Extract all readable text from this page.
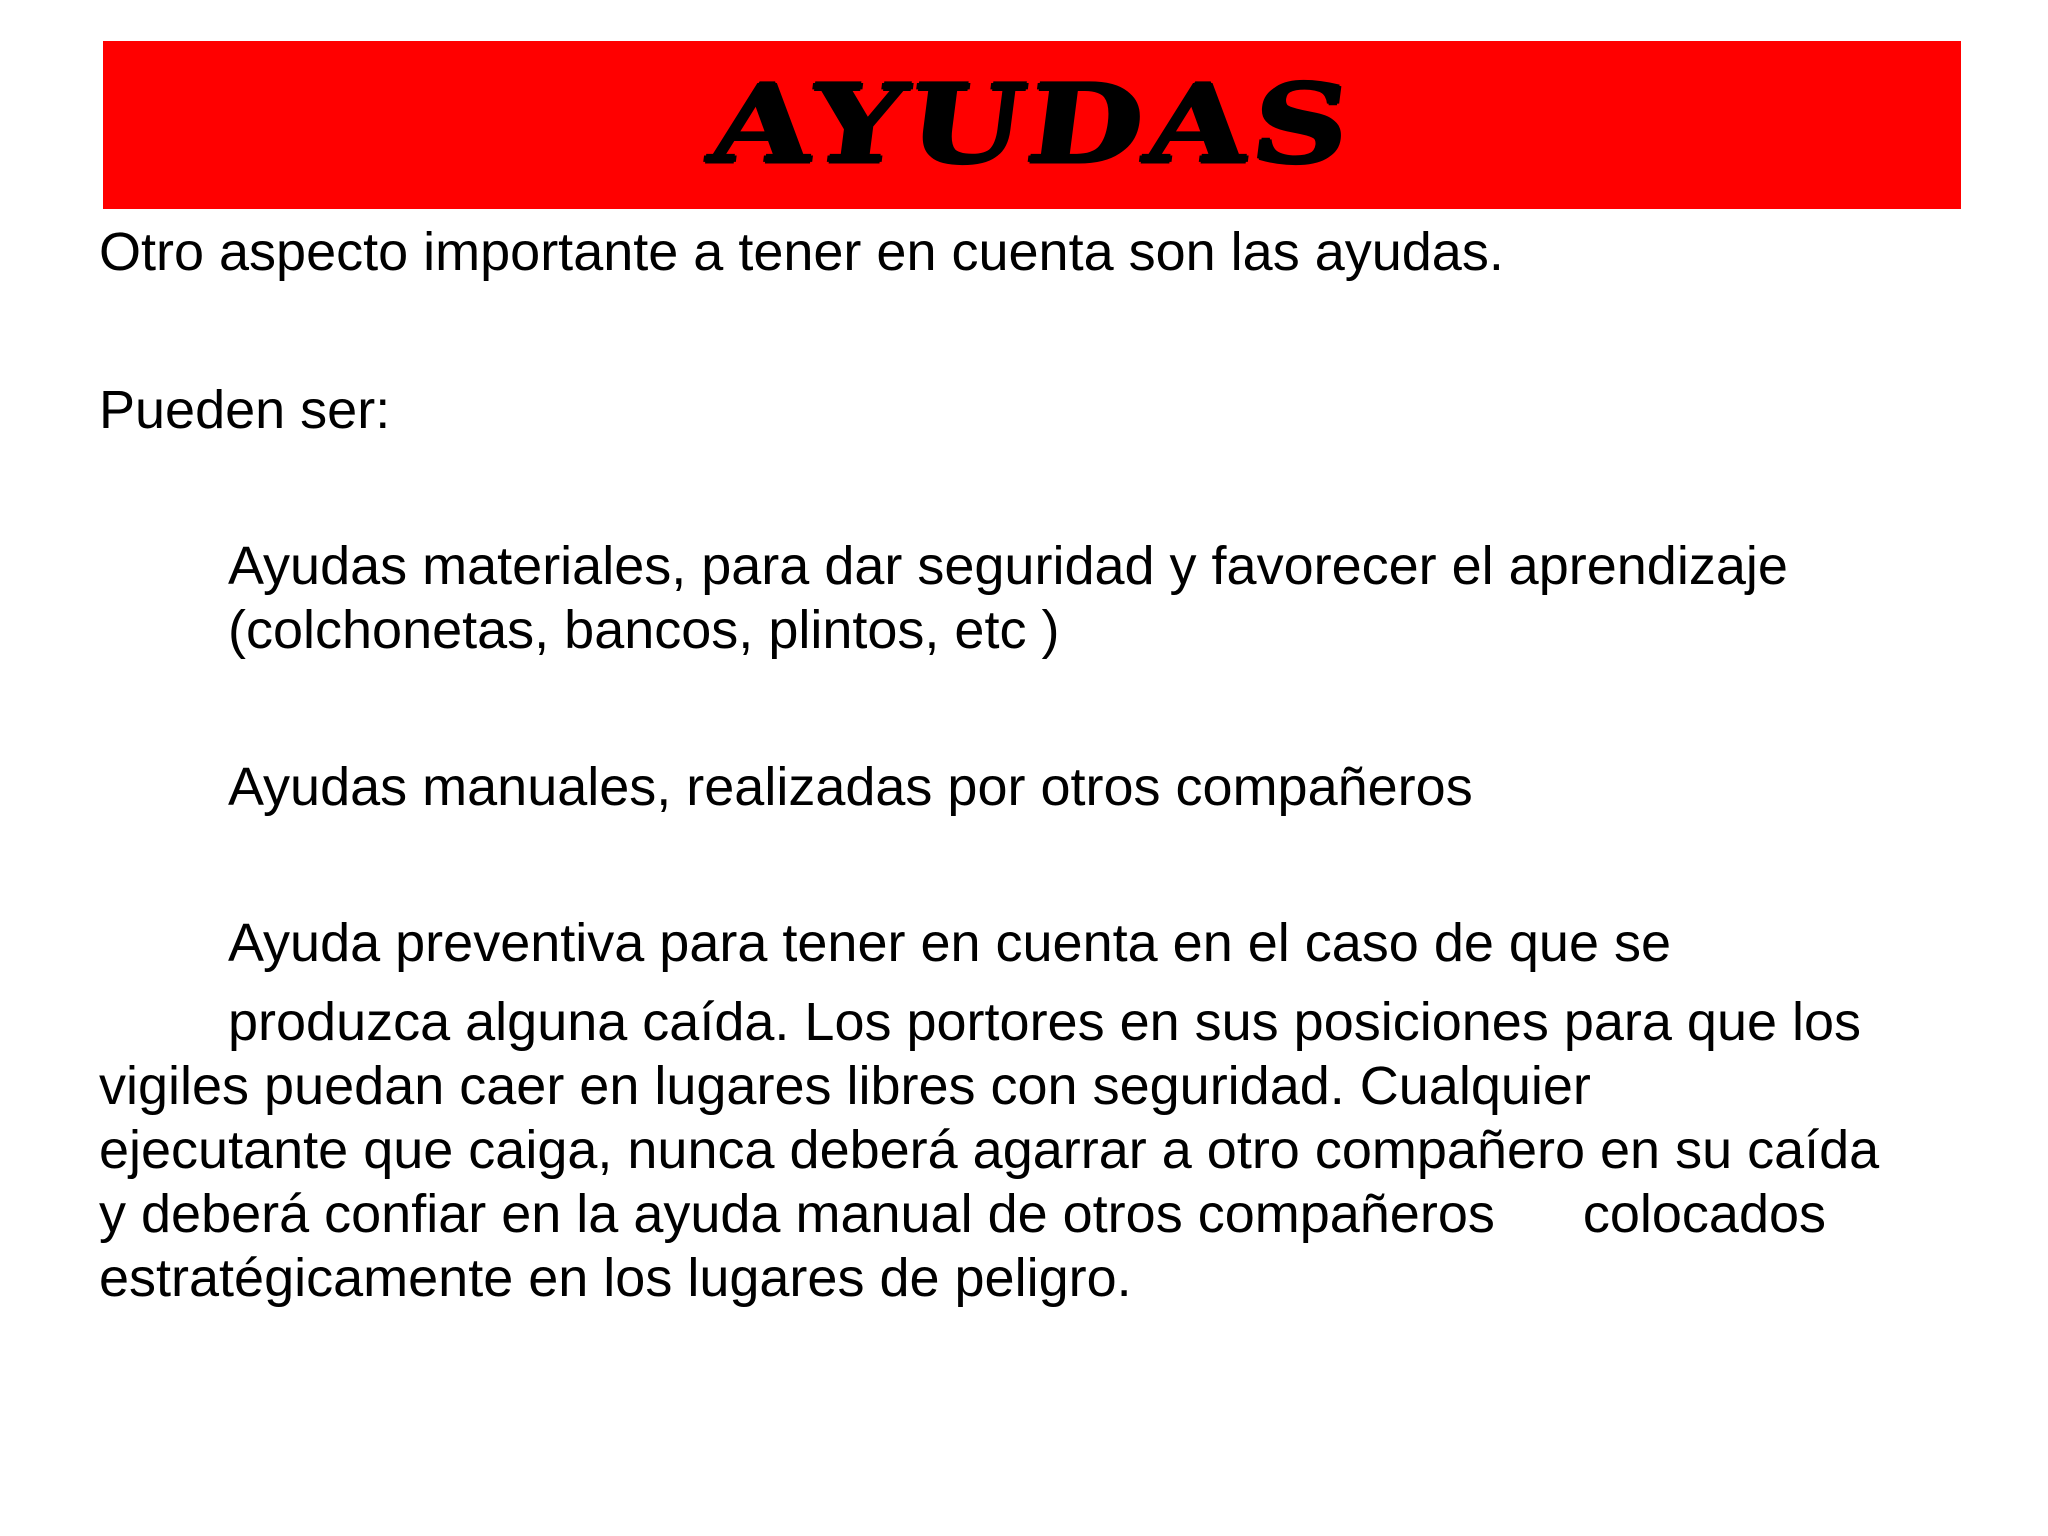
AYUDAS
Otro aspecto importante a tener en cuenta son las ayudas.
Pueden ser:
Ayudas materiales, para dar seguridad y favorecer el aprendizaje
(colchonetas, bancos, plintos, etc )
Ayudas manuales, realizadas por otros compañeros
Ayuda preventiva para tener en cuenta en el caso de que se
produzca alguna caída. Los portores en sus posiciones para que los
vigiles puedan caer en lugares libres con seguridad. Cualquier
ejecutante que caiga, nunca deberá agarrar a otro compañero en su caída
y deberá confiar en la ayuda manual de otros compañeros colocados
estratégicamente en los lugares de peligro.
